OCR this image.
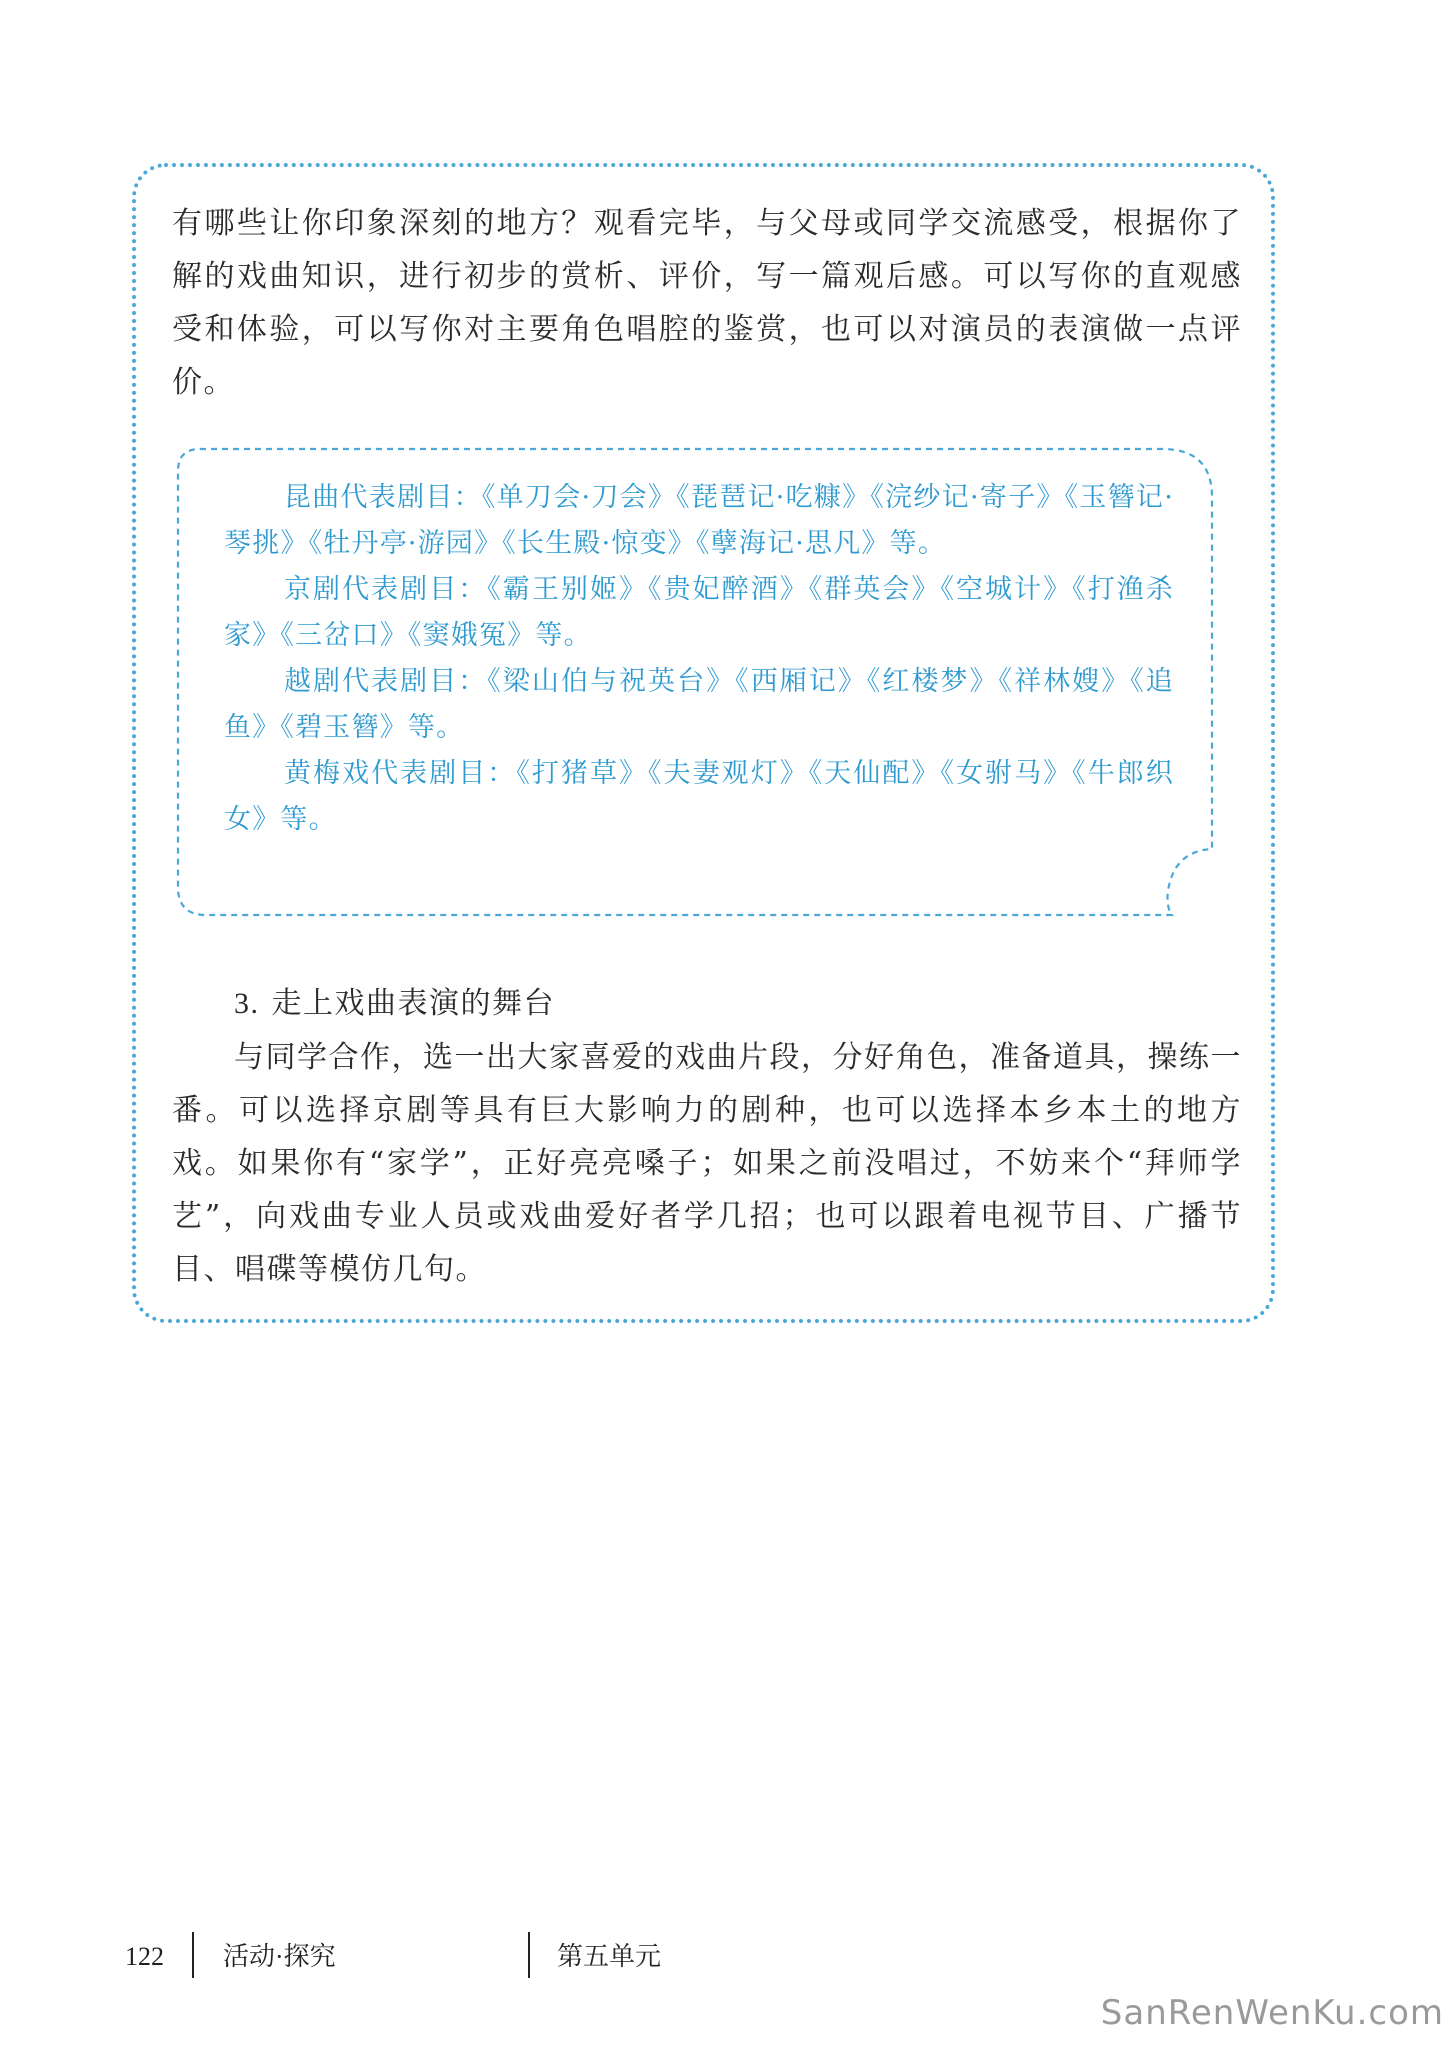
有哪些让你印象深刻的地方？观看完毕，与父母或同学交流感受，根据你了解的戏曲知识，进行初步的赏析、评价，写一篇观后感。可以写你的直观感受和体验，可以写你对主要角色唱腔的鉴赏，也可以对演员的表演做一点评价。

昆曲代表剧目：《单刀会·刀会》《琵琶记·吃糠》《浣纱记·寄子》《玉簪记·琴挑》《牡丹亭·游园》《长生殿·惊变》《孽海记·思凡》等。

京剧代表剧目：《霸王别姬》《贵妃醉酒》《群英会》《空城计》《打渔杀家》《三岔口》《窦娥冤》等。

越剧代表剧目：《梁山伯与祝英台》《西厢记》《红楼梦》《祥林嫂》《追鱼》《碧玉簪》等。

黄梅戏代表剧目：《打猪草》《夫妻观灯》《天仙配》《女驸马》《牛郎织女》等。

3. 走上戏曲表演的舞台

与同学合作，选一出大家喜爱的戏曲片段，分好角色，准备道具，操练一番。可以选择京剧等具有巨大影响力的剧种，也可以选择本乡本土的地方戏。如果你有“家学”，正好亮亮嗓子；如果之前没唱过，不妨来个“拜师学艺”，向戏曲专业人员或戏曲爱好者学几招；也可以跟着电视节目、广播节目、唱碟等模仿几句。

122 活动·探究	第五单元
SanRenWenKu.com
